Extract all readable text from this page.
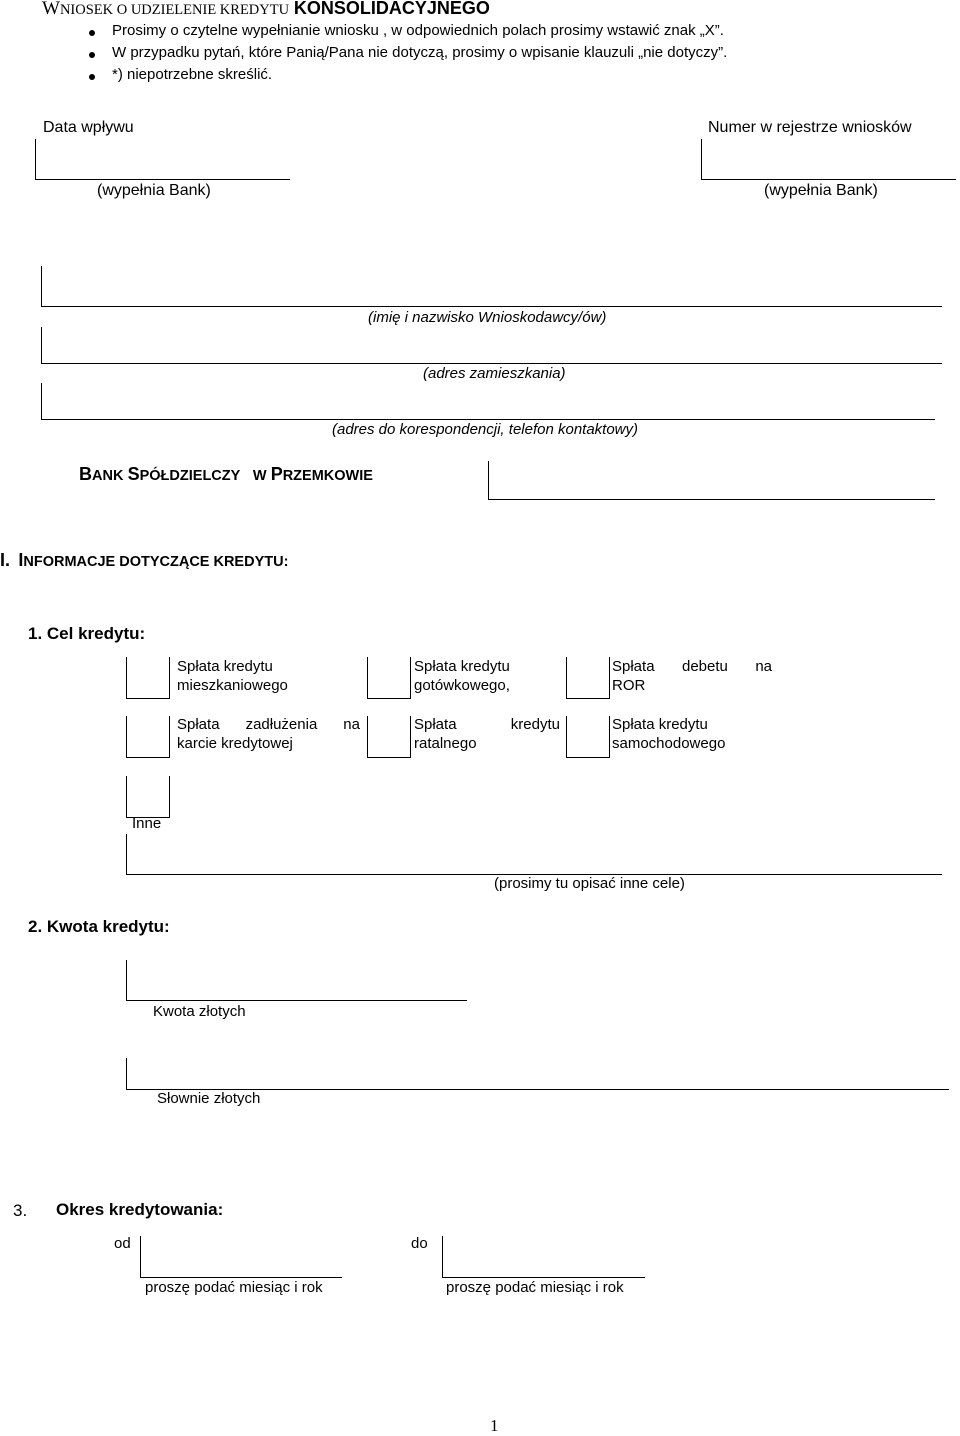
WNIOSEK O UDZIELENIE KREDYTU KONSOLIDACYJNEGO
Prosimy o czytelne wypełnianie wniosku , w odpowiednich polach prosimy wstawić znak „X”.
W przypadku pytań, które Panią/Pana nie dotyczą, prosimy o wpisanie klauzuli „nie dotyczy”.
*) niepotrzebne skreślić.
Data wpływu
(wypełnia Bank)
Numer w rejestrze wniosków
(wypełnia Bank)
(imię i nazwisko Wnioskodawcy/ów)
(adres zamieszkania)
(adres do korespondencji, telefon kontaktowy)
BANK SPÓŁDZIELCZY W PRZEMKOWIE
I. INFORMACJE DOTYCZĄCE KREDYTU:
1. Cel kredytu:
Spłata kredytu
mieszkaniowego
Spłata kredytu
gotówkowego,
Spłata debetu na
ROR
Spłata zadłużenia na
karcie kredytowej
Spłata	kredytu
ratalnego
Spłata kredytu
samochodowego
Inne
(prosimy tu opisać inne cele)
2. Kwota kredytu:
Kwota złotych
Słownie złotych
3. Okres kredytowania:
od
proszę podać miesiąc i rok
do
proszę podać miesiąc i rok
1
